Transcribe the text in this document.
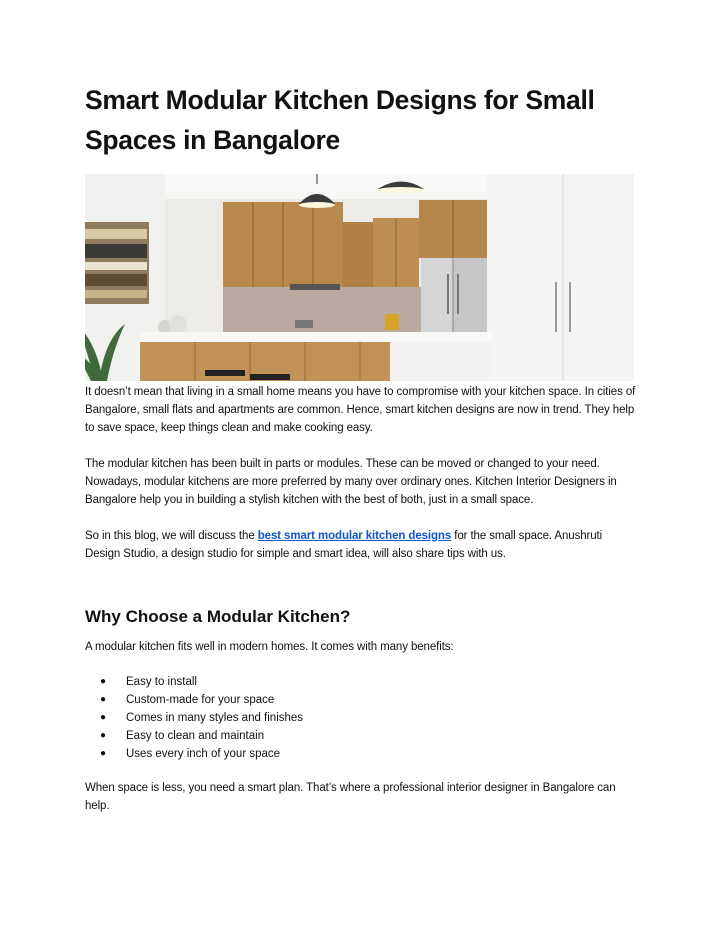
Smart Modular Kitchen Designs for Small Spaces in Bangalore

It doesn’t mean that living in a small home means you have to compromise with your kitchen space. In cities of Bangalore, small flats and apartments are common. Hence, smart kitchen designs are now in trend. They help to save space, keep things clean and make cooking easy.

The modular kitchen has been built in parts or modules. These can be moved or changed to your need. Nowadays, modular kitchens are more preferred by many over ordinary ones. Kitchen Interior Designers in Bangalore help you in building a stylish kitchen with the best of both, just in a small space.

So in this blog, we will discuss the best smart modular kitchen designs for the small space. Anushruti Design Studio, a design studio for simple and smart idea, will also share tips with us.

Why Choose a Modular Kitchen?

A modular kitchen fits well in modern homes. It comes with many benefits:

●	Easy to install
●	Custom-made for your space
●	Comes in many styles and finishes
●	Easy to clean and maintain
●	Uses every inch of your space

When space is less, you need a smart plan. That’s where a professional interior designer in Bangalore can help.
